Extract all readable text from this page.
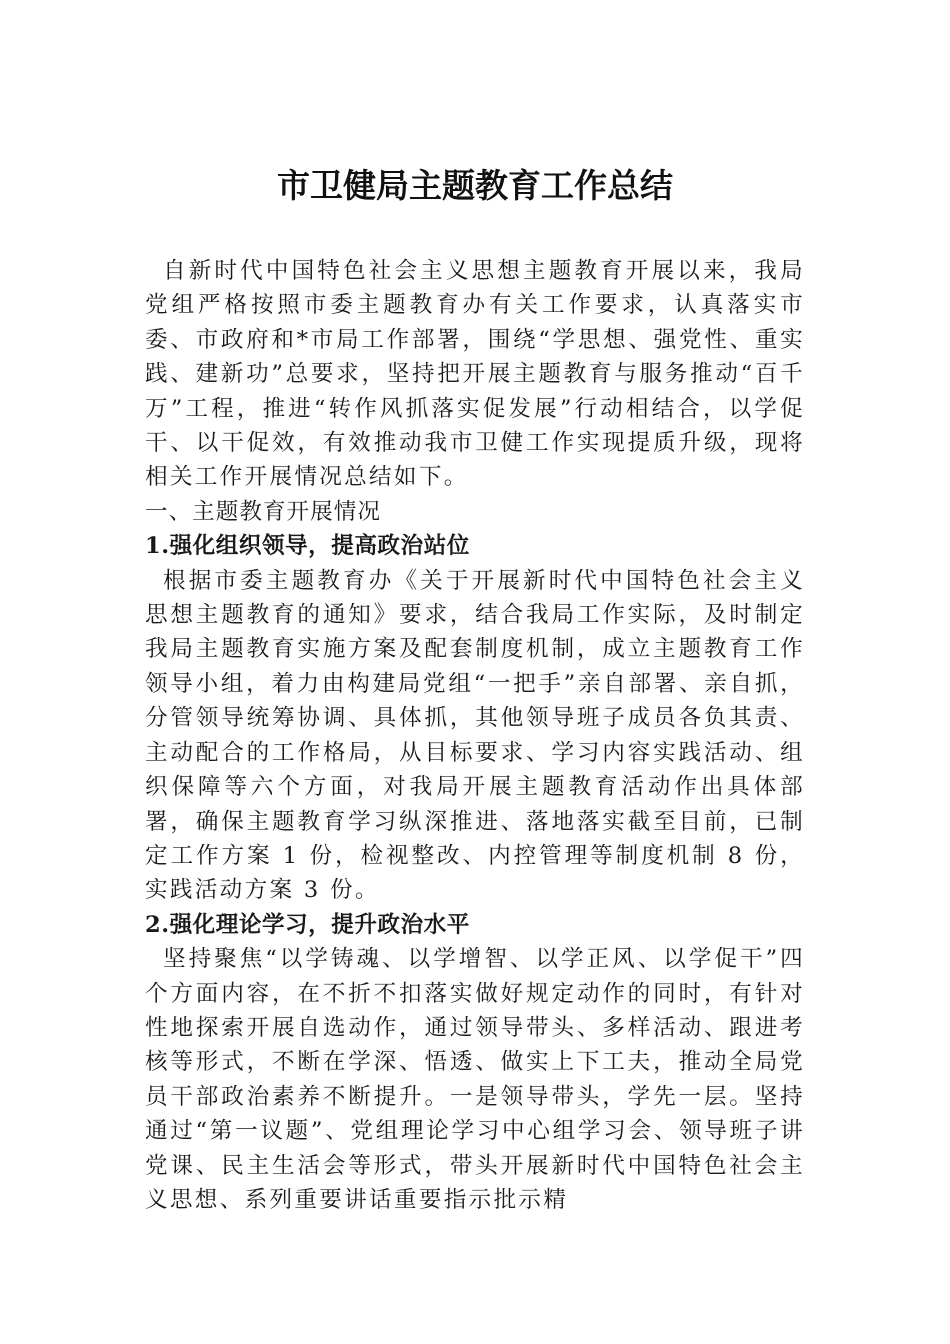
市卫健局主题教育工作总结

自新时代中国特色社会主义思想主题教育开展以来，我局党组严格按照市委主题教育办有关工作要求，认真落实市委、市政府和*市局工作部署，围绕“学思想、强党性、重实践、建新功”总要求，坚持把开展主题教育与服务推动“百千万”工程，推进“转作风抓落实促发展”行动相结合，以学促干、以干促效，有效推动我市卫健工作实现提质升级，现将相关工作开展情况总结如下。

一、主题教育开展情况

1.强化组织领导，提高政治站位

根据市委主题教育办《关于开展新时代中国特色社会主义思想主题教育的通知》要求，结合我局工作实际，及时制定我局主题教育实施方案及配套制度机制，成立主题教育工作领导小组，着力由构建局党组“一把手”亲自部署、亲自抓，分管领导统筹协调、具体抓，其他领导班子成员各负其责、主动配合的工作格局，从目标要求、学习内容实践活动、组织保障等六个方面，对我局开展主题教育活动作出具体部署，确保主题教育学习纵深推进、落地落实截至目前，已制定工作方案 1 份，检视整改、内控管理等制度机制 8 份，实践活动方案 3 份。

2.强化理论学习，提升政治水平

坚持聚焦“以学铸魂、以学增智、以学正风、以学促干”四个方面内容，在不折不扣落实做好规定动作的同时，有针对性地探索开展自选动作，通过领导带头、多样活动、跟进考核等形式，不断在学深、悟透、做实上下工夫，推动全局党员干部政治素养不断提升。一是领导带头，学先一层。坚持通过“第一议题”、党组理论学习中心组学习会、领导班子讲党课、民主生活会等形式，带头开展新时代中国特色社会主义思想、系列重要讲话重要指示批示精
